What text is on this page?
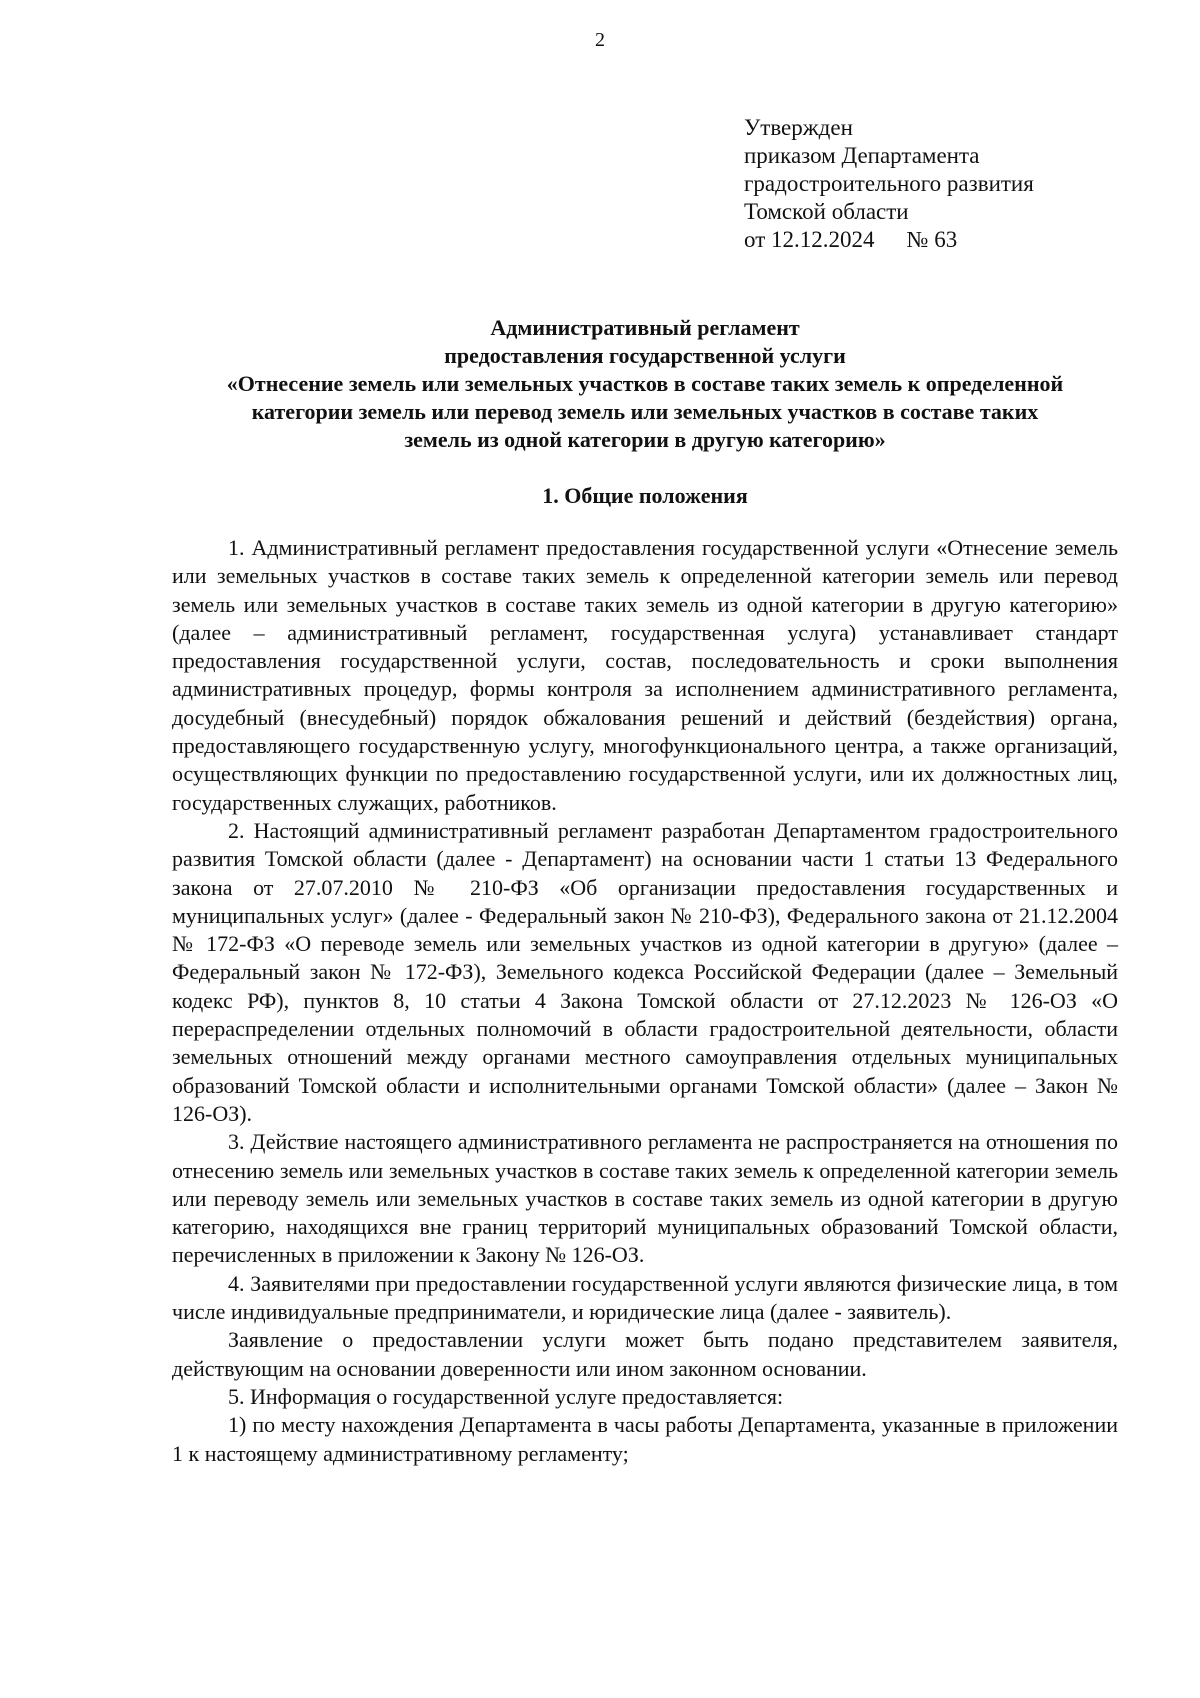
2
Утвержден
приказом Департамента
градостроительного развития
Томской области
от 12.12.2024 № 63
Административный регламент
предоставления государственной услуги
«Отнесение земель или земельных участков в составе таких земель к определенной
категории земель или перевод земель или земельных участков в составе таких
земель из одной категории в другую категорию»
1. Общие положения

1. Административный регламент предоставления государственной услуги «Отнесение земель или земельных участков в составе таких земель к определенной категории земель или перевод земель или земельных участков в составе таких земель из одной категории в другую категорию» (далее – административный регламент, государственная услуга) устанавливает стандарт предоставления государственной услуги, состав, последовательность и сроки выполнения административных процедур, формы контроля за исполнением административного регламента, досудебный (внесудебный) порядок обжалования решений и действий (бездействия) органа, предоставляющего государственную услугу, многофункционального центра, а также организаций, осуществляющих функции по предоставлению государственной услуги, или их должностных лиц, государственных служащих, работников.

2. Настоящий административный регламент разработан Департаментом градостроительного развития Томской области (далее - Департамент) на основании части 1 статьи 13 Федерального закона от 27.07.2010 № 210-ФЗ «Об организации предоставления государственных и муниципальных услуг» (далее - Федеральный закон № 210-ФЗ), Федерального закона от 21.12.2004 № 172-ФЗ «О переводе земель или земельных участков из одной категории в другую» (далее – Федеральный закон № 172-ФЗ), Земельного кодекса Российской Федерации (далее – Земельный кодекс РФ), пунктов 8, 10 статьи 4 Закона Томской области от 27.12.2023 № 126-ОЗ «О перераспределении отдельных полномочий в области градостроительной деятельности, области земельных отношений между органами местного самоуправления отдельных муниципальных образований Томской области и исполнительными органами Томской области» (далее – Закон № 126-ОЗ).

3. Действие настоящего административного регламента не распространяется на отношения по отнесению земель или земельных участков в составе таких земель к определенной категории земель или переводу земель или земельных участков в составе таких земель из одной категории в другую категорию, находящихся вне границ территорий муниципальных образований Томской области, перечисленных в приложении к Закону № 126-ОЗ.

4. Заявителями при предоставлении государственной услуги являются физические лица, в том числе индивидуальные предприниматели, и юридические лица (далее - заявитель).

Заявление о предоставлении услуги может быть подано представителем заявителя, действующим на основании доверенности или ином законном основании.

5. Информация о государственной услуге предоставляется:

1) по месту нахождения Департамента в часы работы Департамента, указанные в приложении 1 к настоящему административному регламенту;
